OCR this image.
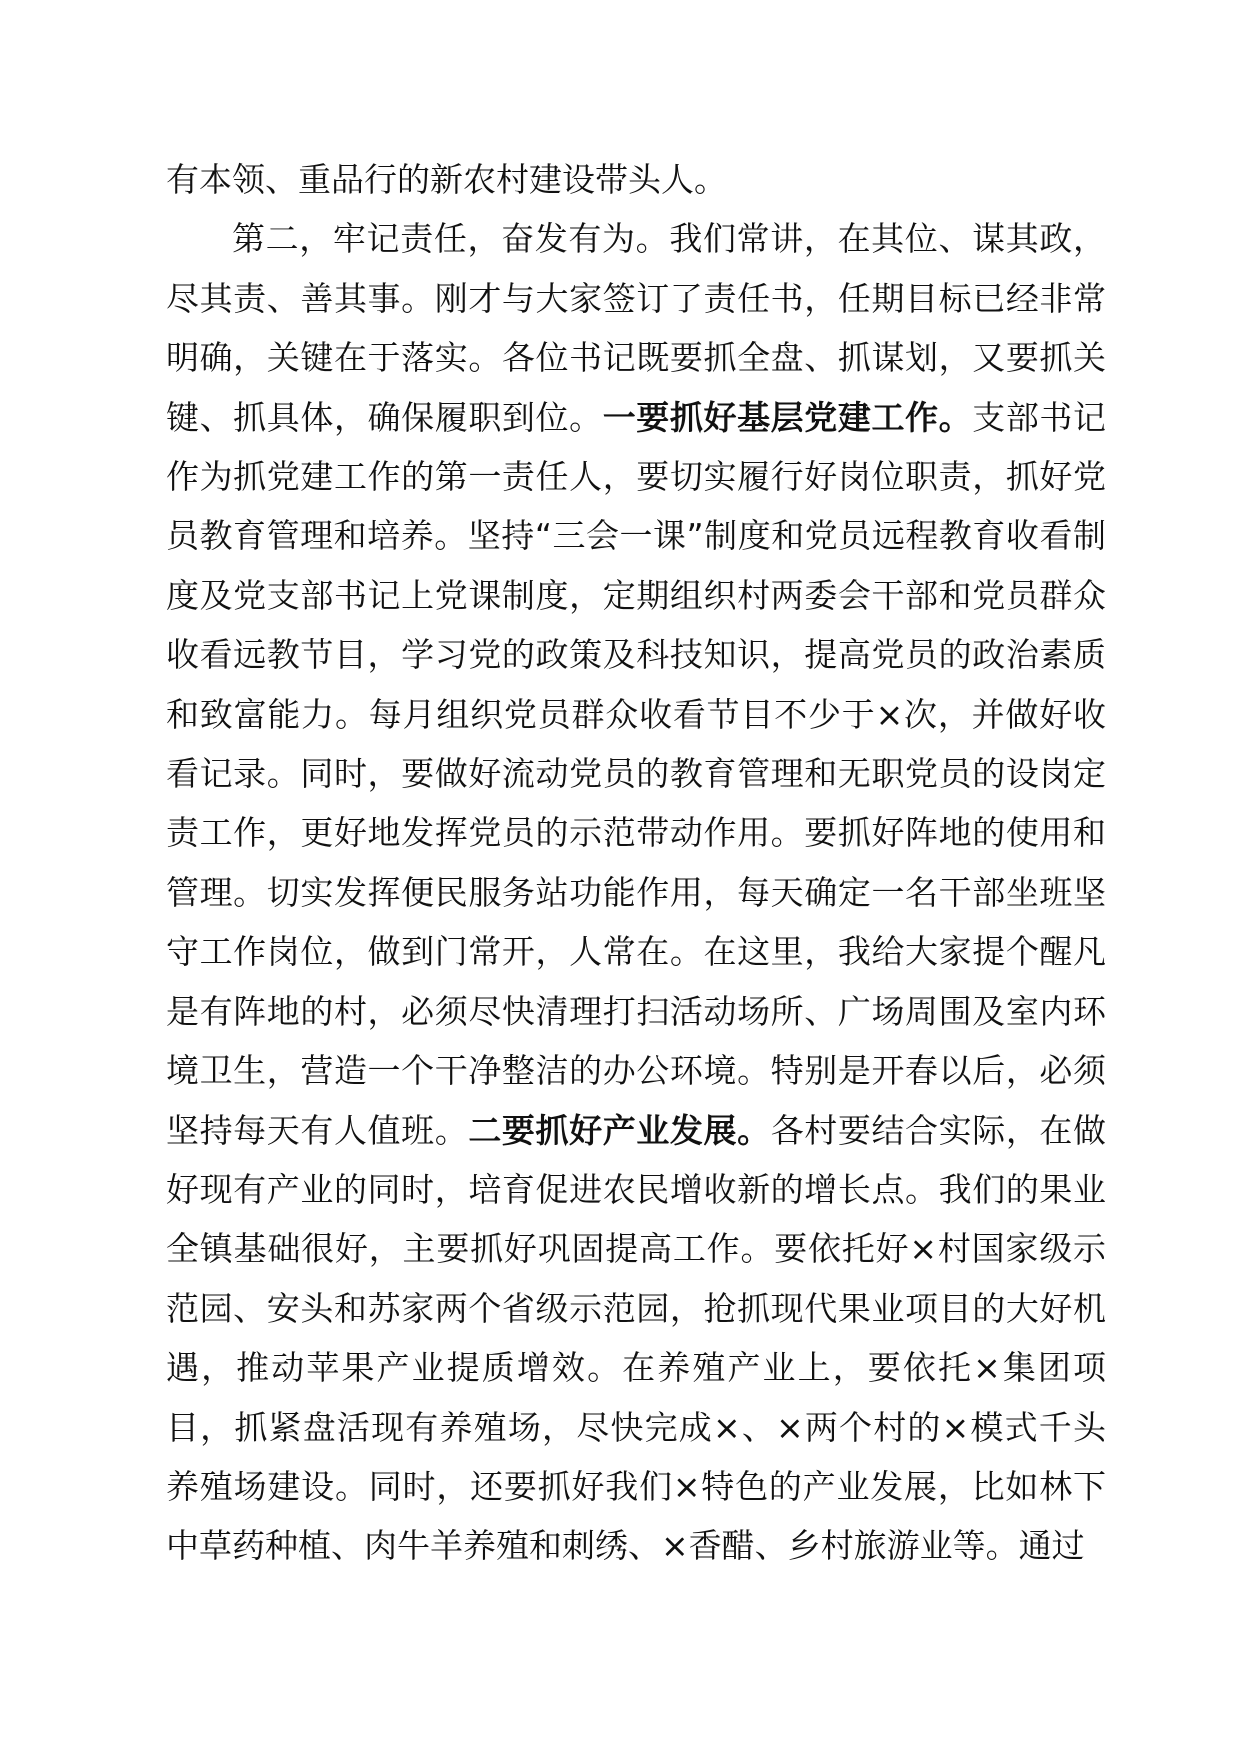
有本领、重品行的新农村建设带头人。

第二，牢记责任，奋发有为。我们常讲，在其位、谋其政，尽其责、善其事。刚才与大家签订了责任书，任期目标已经非常明确，关键在于落实。各位书记既要抓全盘、抓谋划，又要抓关键、抓具体，确保履职到位。一要抓好基层党建工作。支部书记作为抓党建工作的第一责任人，要切实履行好岗位职责，抓好党员教育管理和培养。坚持“三会一课”制度和党员远程教育收看制度及党支部书记上党课制度，定期组织村两委会干部和党员群众收看远教节目，学习党的政策及科技知识，提高党员的政治素质和致富能力。每月组织党员群众收看节目不少于×次，并做好收看记录。同时，要做好流动党员的教育管理和无职党员的设岗定责工作，更好地发挥党员的示范带动作用。要抓好阵地的使用和管理。切实发挥便民服务站功能作用，每天确定一名干部坐班坚守工作岗位，做到门常开，人常在。在这里，我给大家提个醒凡是有阵地的村，必须尽快清理打扫活动场所、广场周围及室内环境卫生，营造一个干净整洁的办公环境。特别是开春以后，必须坚持每天有人值班。二要抓好产业发展。各村要结合实际，在做好现有产业的同时，培育促进农民增收新的增长点。我们的果业全镇基础很好，主要抓好巩固提高工作。要依托好×村国家级示范园、安头和苏家两个省级示范园，抢抓现代果业项目的大好机遇，推动苹果产业提质增效。在养殖产业上，要依托×集团项目，抓紧盘活现有养殖场，尽快完成×、×两个村的×模式千头养殖场建设。同时，还要抓好我们×特色的产业发展，比如林下中草药种植、肉牛羊养殖和刺绣、×香醋、乡村旅游业等。通过
